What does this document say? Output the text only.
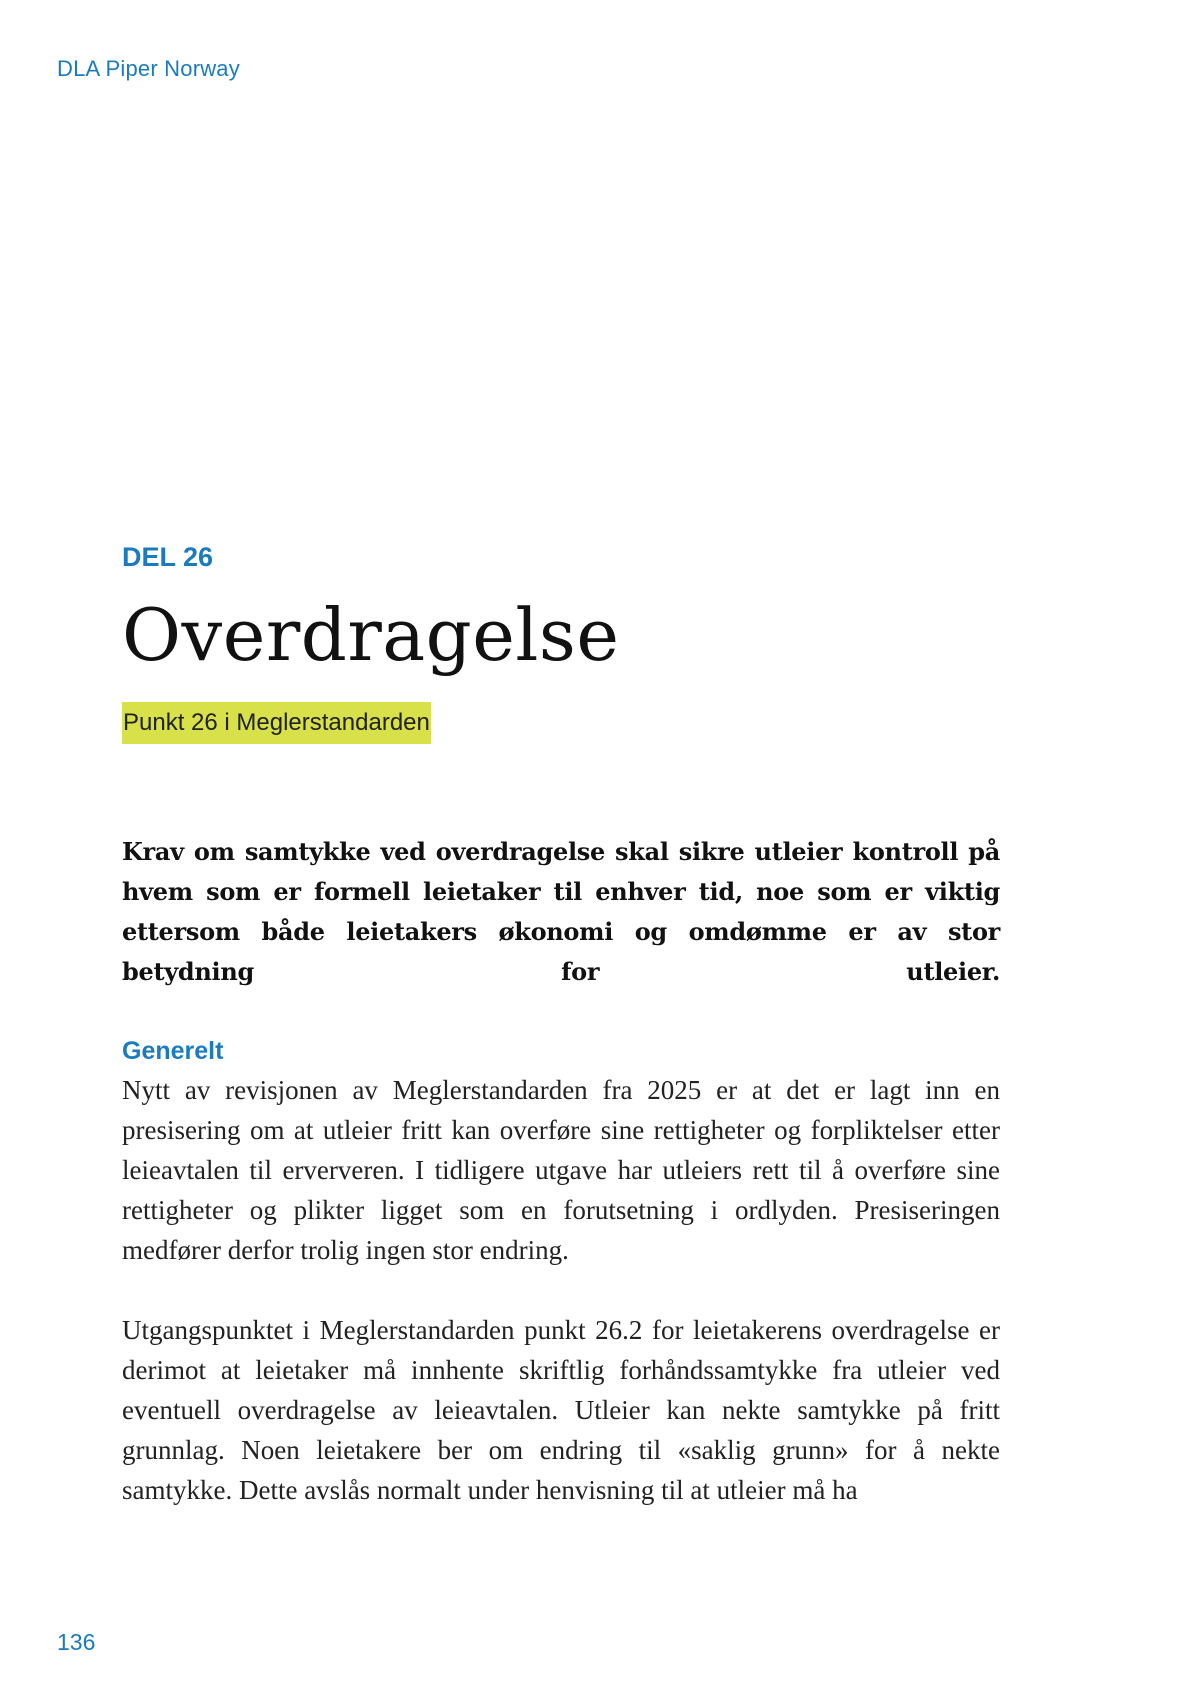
DLA Piper Norway

DEL 26

Overdragelse
Punkt 26 i Meglerstandarden

Krav om samtykke ved overdragelse skal sikre utleier kontroll på hvem som er formell leietaker til enhver tid, noe som er viktig ettersom både leietakers økonomi og omdømme er av stor betydning for utleier.

Generelt

Nytt av revisjonen av Meglerstandarden fra 2025 er at det er lagt inn en presisering om at utleier fritt kan overføre sine rettigheter og forpliktelser etter leieavtalen til erververen. I tidligere utgave har utleiers rett til å overføre sine rettigheter og plikter ligget som en forutsetning i ordlyden. Presiseringen medfører derfor trolig ingen stor endring.

Utgangspunktet i Meglerstandarden punkt 26.2 for leietakerens overdragelse er derimot at leietaker må innhente skriftlig forhåndssamtykke fra utleier ved eventuell overdragelse av leieavtalen. Utleier kan nekte samtykke på fritt grunnlag. Noen leietakere ber om endring til «saklig grunn» for å nekte samtykke. Dette avslås normalt under henvisning til at utleier må ha

136
